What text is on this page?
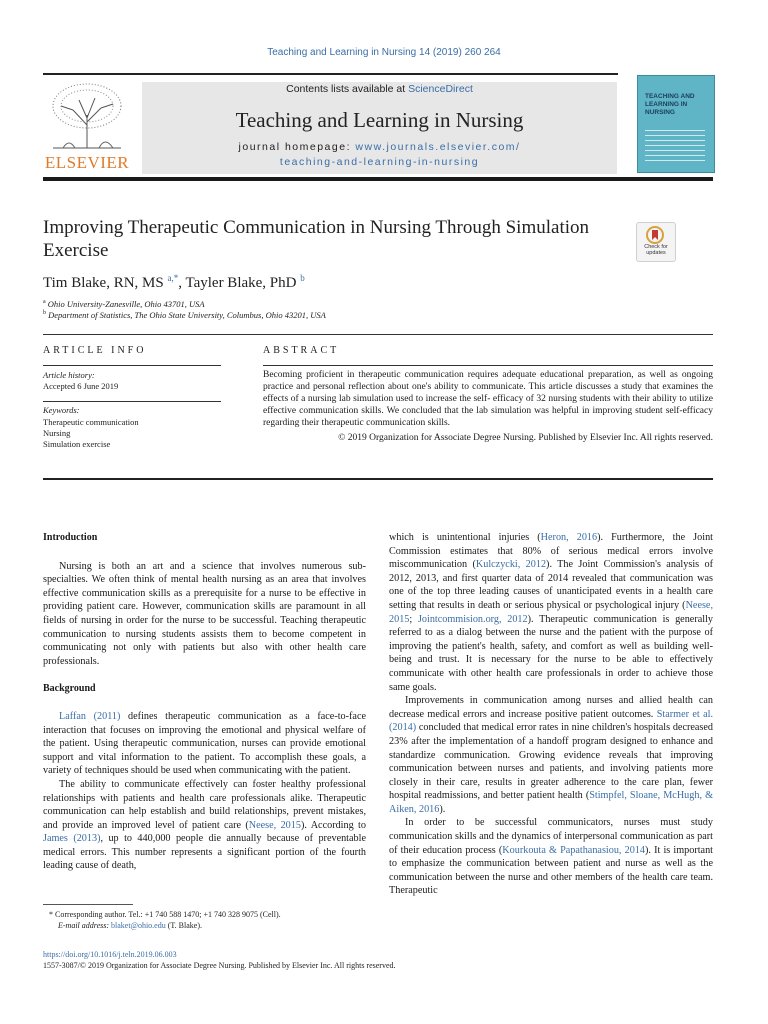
Teaching and Learning in Nursing 14 (2019) 260 264
ELSEVIER
Contents lists available at ScienceDirect
Teaching and Learning in Nursing
journal homepage: www.journals.elsevier.com/
teaching-and-learning-in-nursing
TEACHING AND LEARNING IN NURSING
Improving Therapeutic Communication in Nursing Through Simulation Exercise	Check for updates
Tim Blake, RN, MS $^{a,*}$, Tayler Blake, PhD $^b$
$^a$ Ohio University-Zanesville, Ohio 43701, USA
$^b$ Department of Statistics, The Ohio State University, Columbus, Ohio 43201, USA
ARTICLE INFO
Article history:
Accepted 6 June 2019
Keywords:
Therapeutic communication
Nursing
Simulation exercise
ABSTRACT
Becoming proficient in therapeutic communication requires adequate educational preparation, as well as ongoing practice and personal reflection about one's ability to communicate. This article discusses a study that examines the effects of a nursing lab simulation used to increase the self- efficacy of 32 nursing students with their ability to utilize effective communication skills. We concluded that the lab simulation was helpful in improving student self-efficacy regarding their therapeutic communication skills.
© 2019 Organization for Associate Degree Nursing. Published by Elsevier Inc. All rights reserved.
Introduction

Nursing is both an art and a science that involves numerous sub-specialties. We often think of mental health nursing as an area that involves effective communication skills as a prerequisite for a nurse to be effective in providing patient care. However, communication skills are paramount in all fields of nursing in order for the nurse to be successful. Teaching therapeutic communication to nursing students assists them to become competent in communicating not only with patients but also with other health care professionals.

Background

Laffan (2011) defines therapeutic communication as a face-to-face interaction that focuses on improving the emotional and physical welfare of the patient. Using therapeutic communication, nurses can provide emotional support and vital information to the patient. To accomplish these goals, a variety of techniques should be used when communicating with the patient.

The ability to communicate effectively can foster healthy professional relationships with patients and health care professionals alike. Therapeutic communication can help establish and build relationships, prevent mistakes, and provide an improved level of patient care (Neese, 2015). According to James (2013), up to 440,000 people die annually because of preventable medical errors. This number represents a significant portion of the fourth leading cause of death,

which is unintentional injuries (Heron, 2016). Furthermore, the Joint Commission estimates that 80% of serious medical errors involve miscommunication (Kulczycki, 2012). The Joint Commission's analysis of 2012, 2013, and first quarter data of 2014 revealed that communication was one of the top three leading causes of unanticipated events in a health care setting that results in death or serious physical or psychological injury (Neese, 2015; Jointcommision.org, 2012). Therapeutic communication is generally referred to as a dialog between the nurse and the patient with the purpose of improving the patient's health, safety, and comfort as well as building well-being and trust. It is necessary for the nurse to be able to effectively communicate with other health care professionals in order to achieve those same goals.

Improvements in communication among nurses and allied health can decrease medical errors and increase positive patient outcomes. Starmer et al. (2014) concluded that medical error rates in nine children's hospitals decreased 23% after the implementation of a handoff program designed to enhance and standardize communication. Growing evidence reveals that improving communication between nurses and patients, and involving patients more closely in their care, results in greater adherence to the care plan, fewer hospital readmissions, and better patient health (Stimpfel, Sloane, McHugh, & Aiken, 2016).

In order to be successful communicators, nurses must study communication skills and the dynamics of interpersonal communication as part of their education process (Kourkouta & Papathanasiou, 2014). It is important to emphasize the communication between patient and nurse as well as the communication between the nurse and other members of the health care team. Therapeutic

* Corresponding author. Tel.: +1 740 588 1470; +1 740 328 9075 (Cell).
E-mail address: blaket@ohio.edu (T. Blake).
https://doi.org/10.1016/j.teln.2019.06.003
1557-3087/© 2019 Organization for Associate Degree Nursing. Published by Elsevier Inc. All rights reserved.
